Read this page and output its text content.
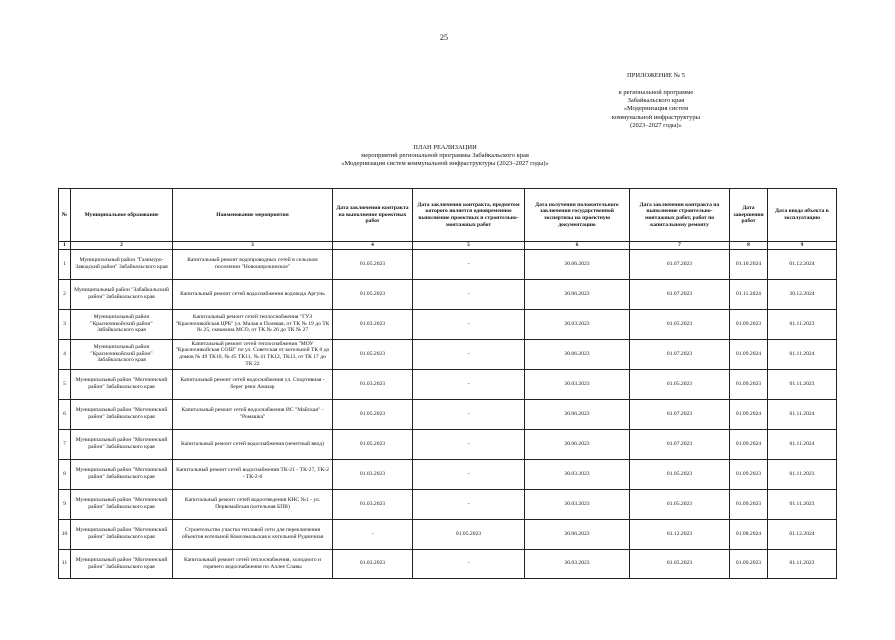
25
ПРИЛОЖЕНИЕ № 5
к региональной программе
Забайкальского края
«Модернизация систем
коммунальной инфраструктуры
(2023–2027 годы)»
ПЛАН РЕАЛИЗАЦИИ
мероприятий региональной программы Забайкальского края
«Модернизация систем коммунальной инфраструктуры (2023–2027 годы)»
№	Муниципальное образование	Наименование мероприятия	Дата заключения контракта на выполнение проектных работ	Дата заключения контракта, предметом которого является одновременное выполнение проектных и строительно-монтажных работ	Дата получения положительного заключения государственной экспертизы на проектную документацию	Дата заключения контракта на выполнение строительно-монтажных работ, работ по капитальному ремонту	Дата завершения работ	Дата ввода объекта в эксплуатацию
1	2	3	4	5	6	7	8	9
1	Муниципальный район "Газимуро-Заводский район" Забайкальского края	Капитальный ремонт водопроводных сетей в сельском поселении "Новоширокинское"	01.05.2023	-	30.06.2023	01.07.2023	01.10.2024	01.12.2024
2	Муниципальный район "Забайкальский район" Забайкальского края	Капитальный ремонт сетей водоснабжения водовода Аргунь	01.05.2023	-	30.06.2023	01.07.2023	01.11.2024	30.12.2024
3	Муниципальный район "Красночикойский район" Забайкальского края	Капитальный ремонт сетей теплоснабжения "ГУЗ "Красночикойская ЦРБ" ул. Малая и Полевая, от ТК № 19 до ТК № 25, скважина МСО, от ТК № 26 до ТК № 27	01.03.2023	-	30.03.2023	01.05.2023	01.09.2023	01.11.2023
4	Муниципальный район "Красночикойский район" Забайкальского края	Капитальный ремонт сетей теплоснабжения "МОУ "Красночикойская СОШ" по ул. Советская от котельной ТК 0 до домов № 49 ТК10, № 45 ТК11, № 41 ТК12, ТК13, от ТК 17 до ТК 22	01.05.2023	-	30.06.2023	01.07.2023	01.09.2024	01.11.2024
5	Муниципальный район "Могочинский район" Забайкальского края	Капитальный ремонт сетей водоснабжения ул. Спортивная - берег реки Амазар	01.03.2023	-	30.03.2023	01.05.2023	01.09.2023	01.11.2023
6	Муниципальный район "Могочинский район" Забайкальского края	Капитальный ремонт сетей водоснабжения ИС "Майская" - "Ромашка"	01.05.2023	-	30.06.2023	01.07.2023	01.09.2024	01.11.2024
7	Муниципальный район "Могочинский район" Забайкальского края	Капитальный ремонт сетей водоснабжения (нечетный ввод)	01.05.2023	-	30.06.2023	01.07.2023	01.09.2024	01.11.2024
8	Муниципальный район "Могочинский район" Забайкальского края	Капитальный ремонт сетей водоснабжения ТК-21 - ТК-27, ТК-2 - ТК-2-6	01.03.2023	-	30.03.2023	01.05.2023	01.09.2023	01.11.2023
9	Муниципальный район "Могочинский район" Забайкальского края	Капитальный ремонт сетей водоотведения КНС №1 - ул. Первомайская (котельная БПВ)	01.03.2023	-	30.03.2023	01.05.2023	01.09.2023	01.11.2023
10	Муниципальный район "Могочинский район" Забайкальского края	Строительство участка тепловой сети для переключения объектов котельной Комсомольская к котельной Рудничная	-	01.05.2023	30.06.2023	01.12.2023	01.08.2024	01.12.2024
11	Муниципальный район "Могочинский район" Забайкальского края	Капитальный ремонт сетей теплоснабжения, холодного и горячего водоснабжения по Аллее Славы	01.03.2023	-	30.03.2023	01.05.2023	01.09.2023	01.11.2023
